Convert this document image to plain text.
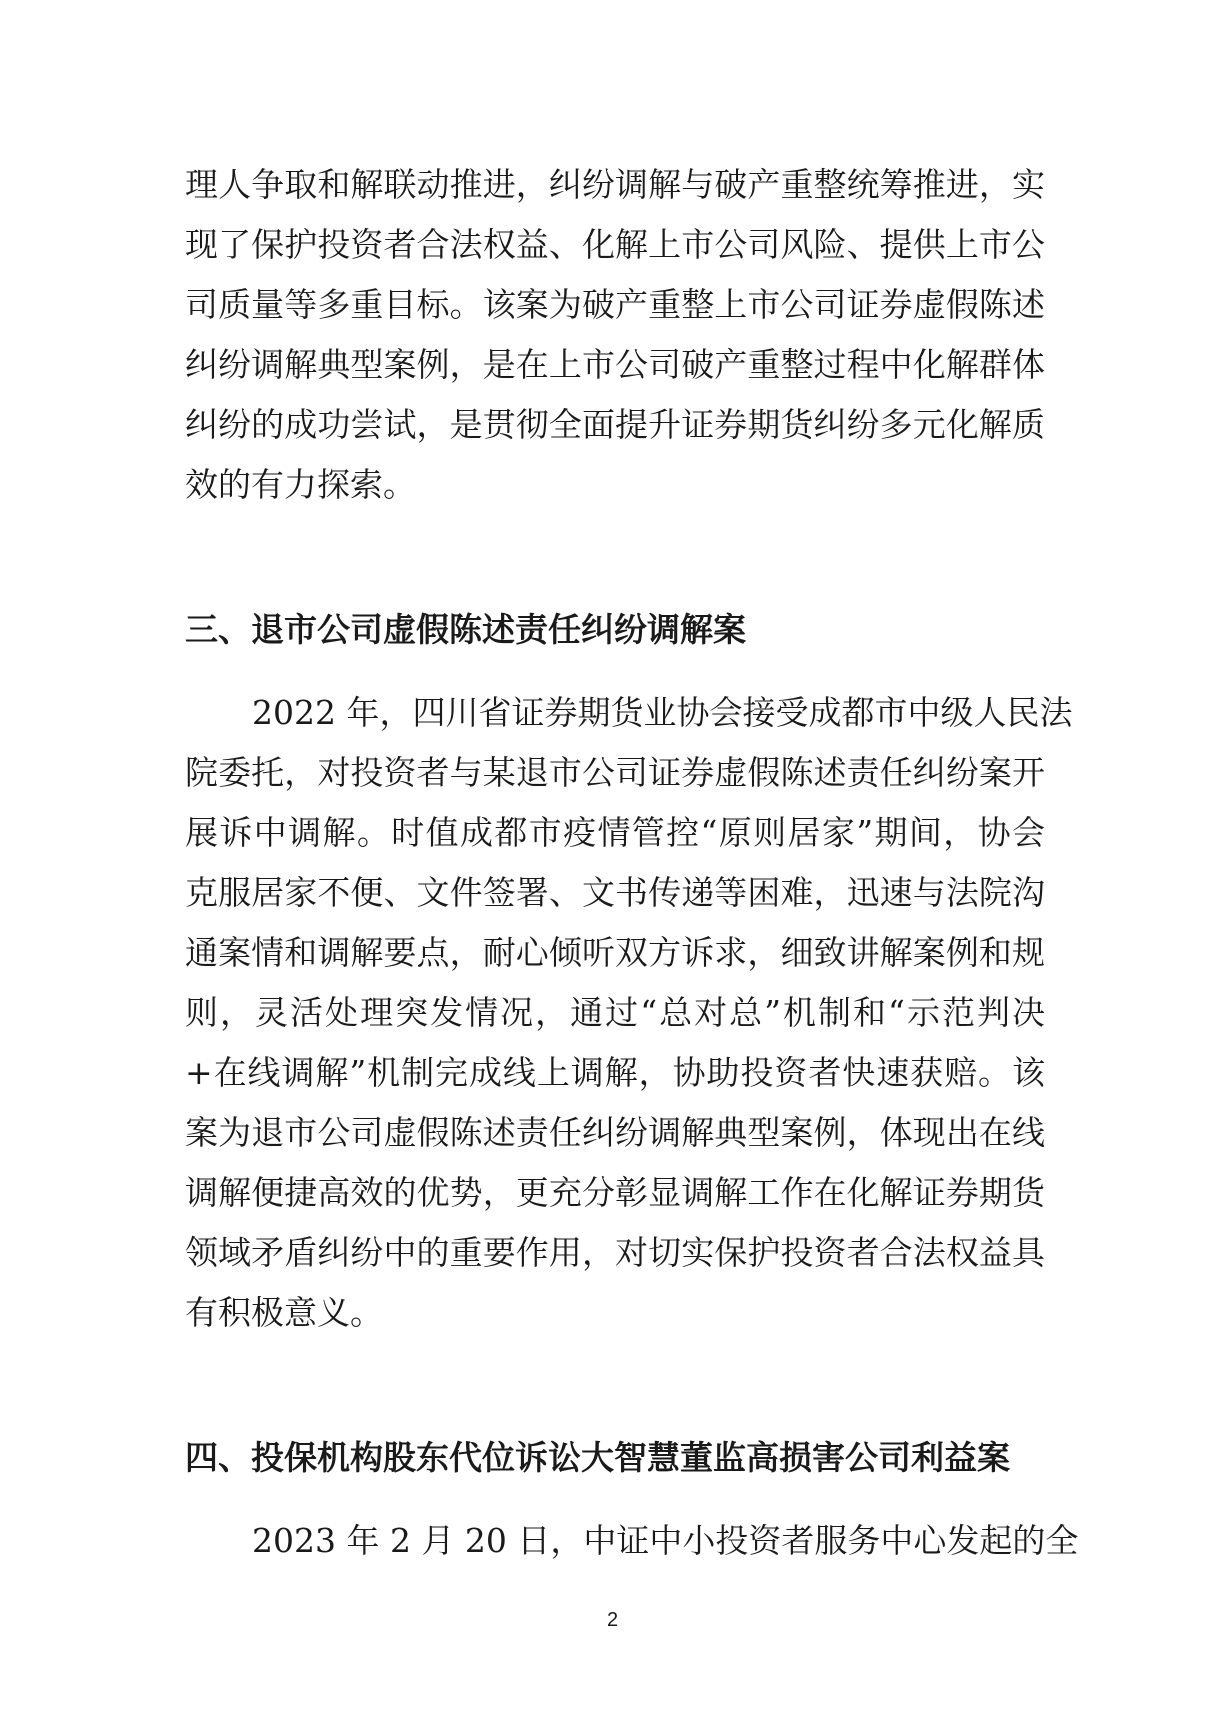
理人争取和解联动推进，纠纷调解与破产重整统筹推进，实
现了保护投资者合法权益、化解上市公司风险、提供上市公
司质量等多重目标。该案为破产重整上市公司证券虚假陈述
纠纷调解典型案例，是在上市公司破产重整过程中化解群体
纠纷的成功尝试，是贯彻全面提升证券期货纠纷多元化解质
效的有力探索。
三、退市公司虚假陈述责任纠纷调解案
2022 年，四川省证券期货业协会接受成都市中级人民法
院委托，对投资者与某退市公司证券虚假陈述责任纠纷案开
展诉中调解。时值成都市疫情管控“原则居家”期间，协会
克服居家不便、文件签署、文书传递等困难，迅速与法院沟
通案情和调解要点，耐心倾听双方诉求，细致讲解案例和规
则，灵活处理突发情况，通过“总对总”机制和“示范判决
+在线调解”机制完成线上调解，协助投资者快速获赔。该
案为退市公司虚假陈述责任纠纷调解典型案例，体现出在线
调解便捷高效的优势，更充分彰显调解工作在化解证券期货
领域矛盾纠纷中的重要作用，对切实保护投资者合法权益具
有积极意义。
四、投保机构股东代位诉讼大智慧董监高损害公司利益案
2023 年 2 月 20 日，中证中小投资者服务中心发起的全
2
